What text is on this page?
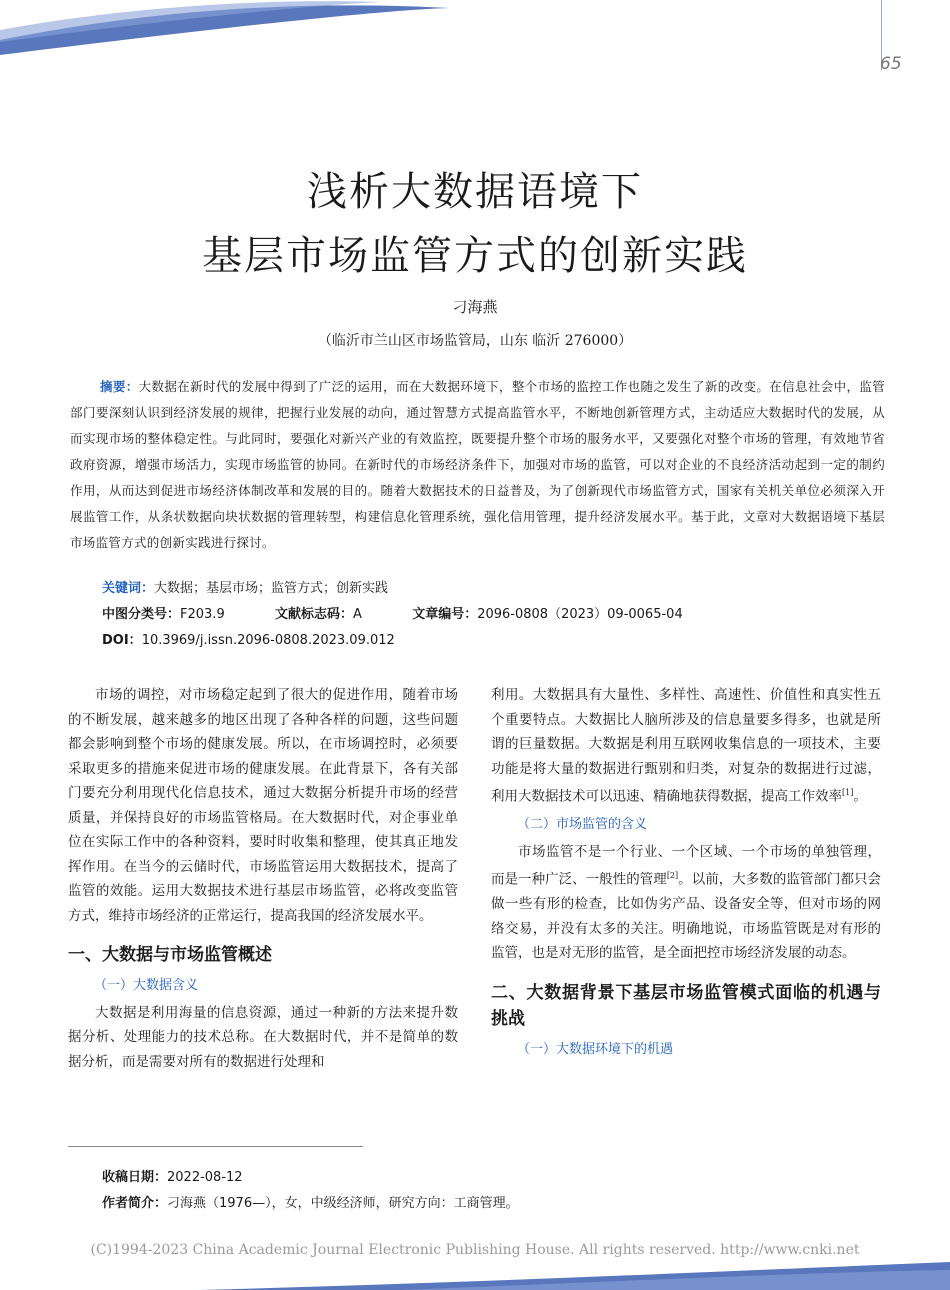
65
浅析大数据语境下
基层市场监管方式的创新实践
刁海燕
（临沂市兰山区市场监管局，山东 临沂 276000）
摘要：大数据在新时代的发展中得到了广泛的运用，而在大数据环境下，整个市场的监控工作也随之发生了新的改变。在信息社会中，监管部门要深刻认识到经济发展的规律，把握行业发展的动向，通过智慧方式提高监管水平，不断地创新管理方式，主动适应大数据时代的发展，从而实现市场的整体稳定性。与此同时，要强化对新兴产业的有效监控，既要提升整个市场的服务水平，又要强化对整个市场的管理，有效地节省政府资源，增强市场活力，实现市场监管的协同。在新时代的市场经济条件下，加强对市场的监管，可以对企业的不良经济活动起到一定的制约作用，从而达到促进市场经济体制改革和发展的目的。随着大数据技术的日益普及，为了创新现代市场监管方式，国家有关机关单位必须深入开展监管工作，从条状数据向块状数据的管理转型，构建信息化管理系统，强化信用管理，提升经济发展水平。基于此，文章对大数据语境下基层市场监管方式的创新实践进行探讨。
关键词：大数据；基层市场；监管方式；创新实践
中图分类号：F203.9	文献标志码：A	文章编号：2096-0808（2023）09-0065-04
DOI：10.3969/j.issn.2096-0808.2023.09.012

市场的调控，对市场稳定起到了很大的促进作用，随着市场的不断发展，越来越多的地区出现了各种各样的问题，这些问题都会影响到整个市场的健康发展。所以，在市场调控时，必须要采取更多的措施来促进市场的健康发展。在此背景下，各有关部门要充分利用现代化信息技术，通过大数据分析提升市场的经营质量，并保持良好的市场监管格局。在大数据时代，对企事业单位在实际工作中的各种资料，要时时收集和整理，使其真正地发挥作用。在当今的云储时代，市场监管运用大数据技术，提高了监管的效能。运用大数据技术进行基层市场监管，必将改变监管方式，维持市场经济的正常运行，提高我国的经济发展水平。

一、大数据与市场监管概述
（一）大数据含义

大数据是利用海量的信息资源，通过一种新的方法来提升数据分析、处理能力的技术总称。在大数据时代，并不是简单的数据分析，而是需要对所有的数据进行处理和

利用。大数据具有大量性、多样性、高速性、价值性和真实性五个重要特点。大数据比人脑所涉及的信息量要多得多，也就是所谓的巨量数据。大数据是利用互联网收集信息的一项技术，主要功能是将大量的数据进行甄别和归类，对复杂的数据进行过滤，利用大数据技术可以迅速、精确地获得数据，提高工作效率[1]。

（二）市场监管的含义

市场监管不是一个行业、一个区域、一个市场的单独管理，而是一种广泛、一般性的管理[2]。以前，大多数的监管部门都只会做一些有形的检查，比如伪劣产品、设备安全等，但对市场的网络交易，并没有太多的关注。明确地说，市场监管既是对有形的监管，也是对无形的监管，是全面把控市场经济发展的动态。

二、大数据背景下基层市场监管模式面临的机遇与挑战
（一）大数据环境下的机遇
收稿日期：2022-08-12
作者简介：刁海燕（1976—），女，中级经济师，研究方向：工商管理。
(C)1994-2023 China Academic Journal Electronic Publishing House. All rights reserved. http://www.cnki.net
